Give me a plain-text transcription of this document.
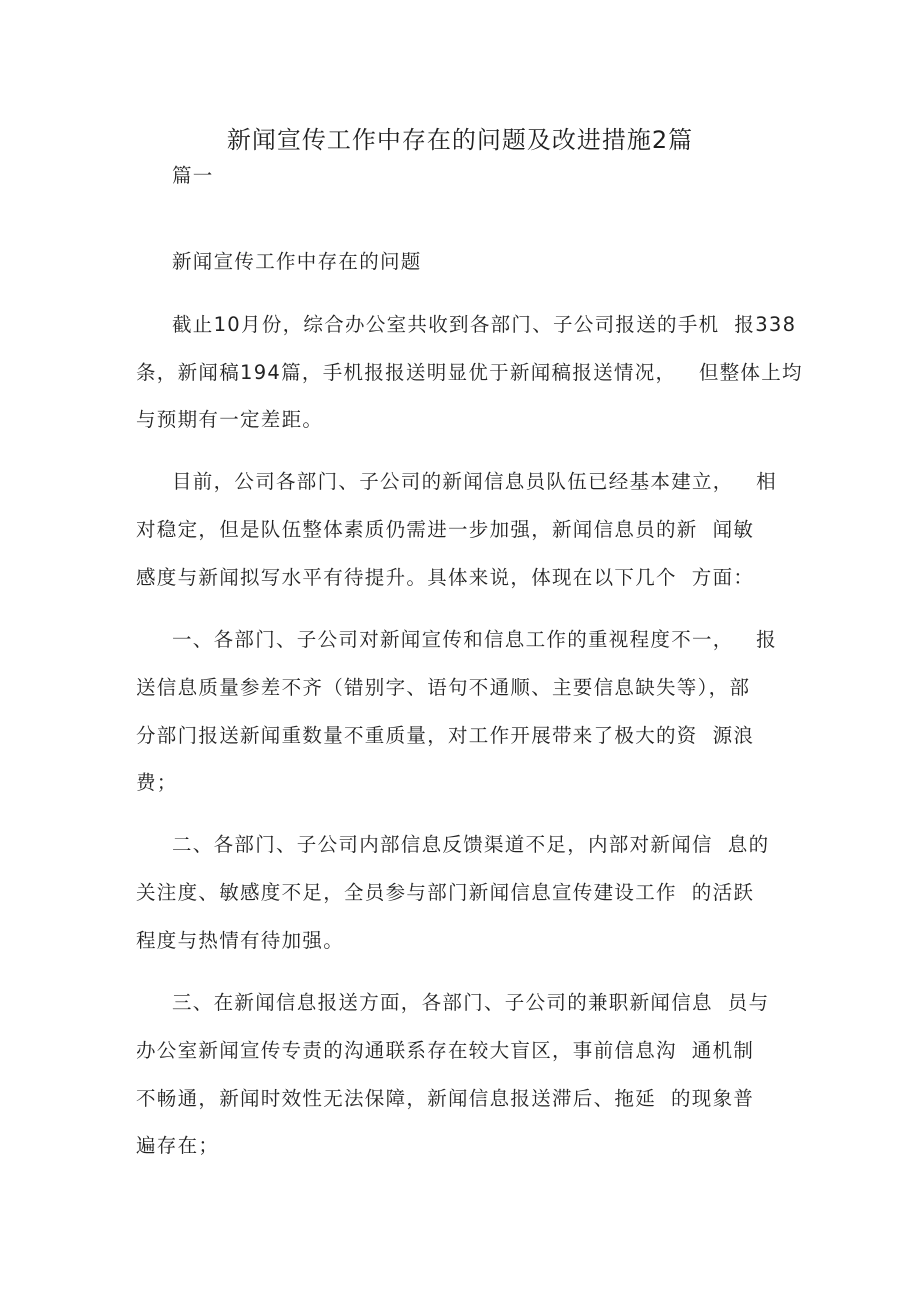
新闻宣传工作中存在的问题及改进措施2篇
篇一
新闻宣传工作中存在的问题
截止10月份，综合办公室共收到各部门、子公司报送的手机  报338
条，新闻稿194篇，手机报报送明显优于新闻稿报送情况，   但整体上均
与预期有一定差距。
目前，公司各部门、子公司的新闻信息员队伍已经基本建立，   相
对稳定，但是队伍整体素质仍需进一步加强，新闻信息员的新  闻敏
感度与新闻拟写水平有待提升。具体来说，体现在以下几个  方面：
一、各部门、子公司对新闻宣传和信息工作的重视程度不一，   报
送信息质量参差不齐（错别字、语句不通顺、主要信息缺失等），部
分部门报送新闻重数量不重质量，对工作开展带来了极大的资  源浪
费；
二、各部门、子公司内部信息反馈渠道不足，内部对新闻信  息的
关注度、敏感度不足，全员参与部门新闻信息宣传建设工作  的活跃
程度与热情有待加强。
三、在新闻信息报送方面，各部门、子公司的兼职新闻信息  员与
办公室新闻宣传专责的沟通联系存在较大盲区，事前信息沟  通机制
不畅通，新闻时效性无法保障，新闻信息报送滞后、拖延  的现象普
遍存在；
